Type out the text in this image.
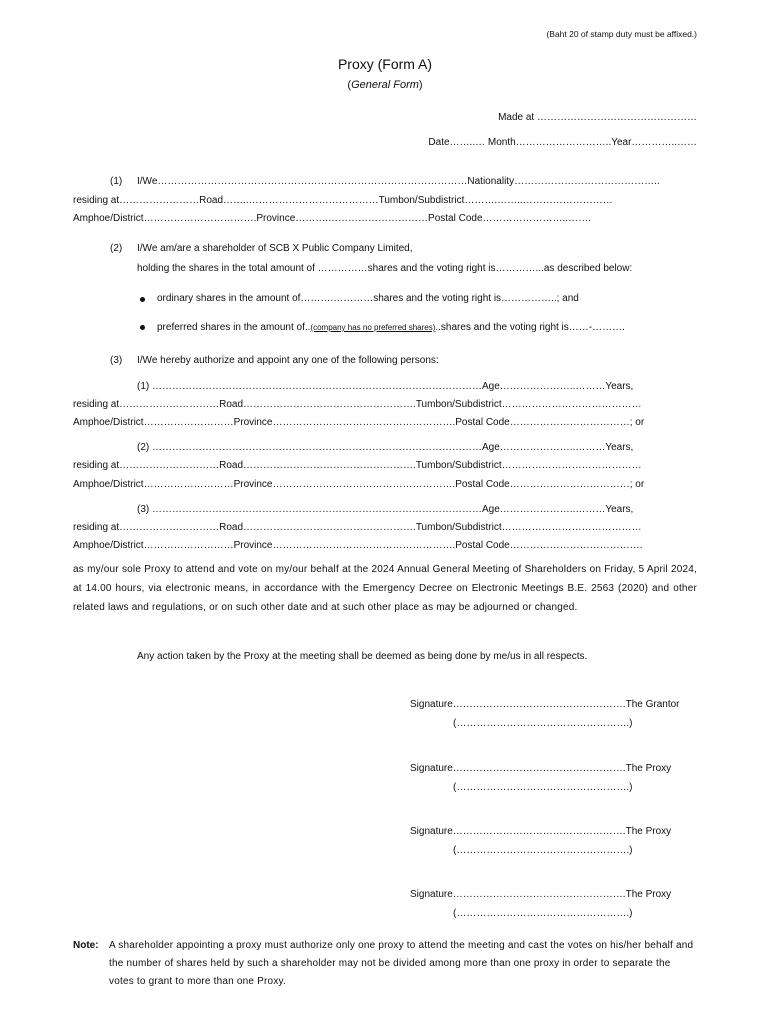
(Baht 20 of stamp duty must be affixed.)
Proxy (Form A)
(General Form)
Made at …………………………………………
Date……..… Month………………………..Year…………..……
(1) I/We…………………………………………………………………………………Nationality……………………………………..
residing at……………………Road……..…………………………………Tumbon/Subdistrict……….……..………………………
Amphoe/District…………………………….Province……….…………………………Postal Code……………………..…….
(2) I/We am/are a shareholder of SCB X Public Company Limited,
holding the shares in the total amount of ……………shares and the voting right is…………...as described below:
ordinary shares in the amount of……….…………shares and the voting right is……………..; and
preferred shares in the amount of..(company has no preferred shares)..shares and the voting right is……-……….
(3) I/We hereby authorize and appoint any one of the following persons:
(1) ………………………………………………………………………………………Age…………………..………Years,
residing at…………………………Road…………………………………………….Tumbon/Subdistrict……………………………………
Amphoe/District………………………Province……………………………………………….Postal Code………………………………; or
(2) ………………………………………………………………………………………Age…………………..………Years,
residing at…………………………Road…………………………………………….Tumbon/Subdistrict……………………………………
Amphoe/District………………………Province……………………………………………….Postal Code………………………………; or
(3) ………………………………………………………………………………………Age…………………..………Years,
residing at…………………………Road…………………………………………….Tumbon/Subdistrict……………………………………
Amphoe/District………………………Province……………………………………………….Postal Code………………………………….
as my/our sole Proxy to attend and vote on my/our behalf at the 2024 Annual General Meeting of Shareholders on Friday, 5 April 2024, at 14.00 hours, via electronic means, in accordance with the Emergency Decree on Electronic Meetings B.E. 2563 (2020) and other related laws and regulations, or on such other date and at such other place as may be adjourned or changed.
Any action taken by the Proxy at the meeting shall be deemed as being done by me/us in all respects.
Signature…………………………………………….The Grantor
(…………………………………………….)
Signature…………………………………………….The Proxy
(…………………………………………….)
Signature…………………………………………….The Proxy
(…………………………………………….)
Signature…………………………………………….The Proxy
(…………………………………………….)
Note: A shareholder appointing a proxy must authorize only one proxy to attend the meeting and cast the votes on his/her behalf and the number of shares held by such a shareholder may not be divided among more than one proxy in order to separate the votes to grant to more than one Proxy.
